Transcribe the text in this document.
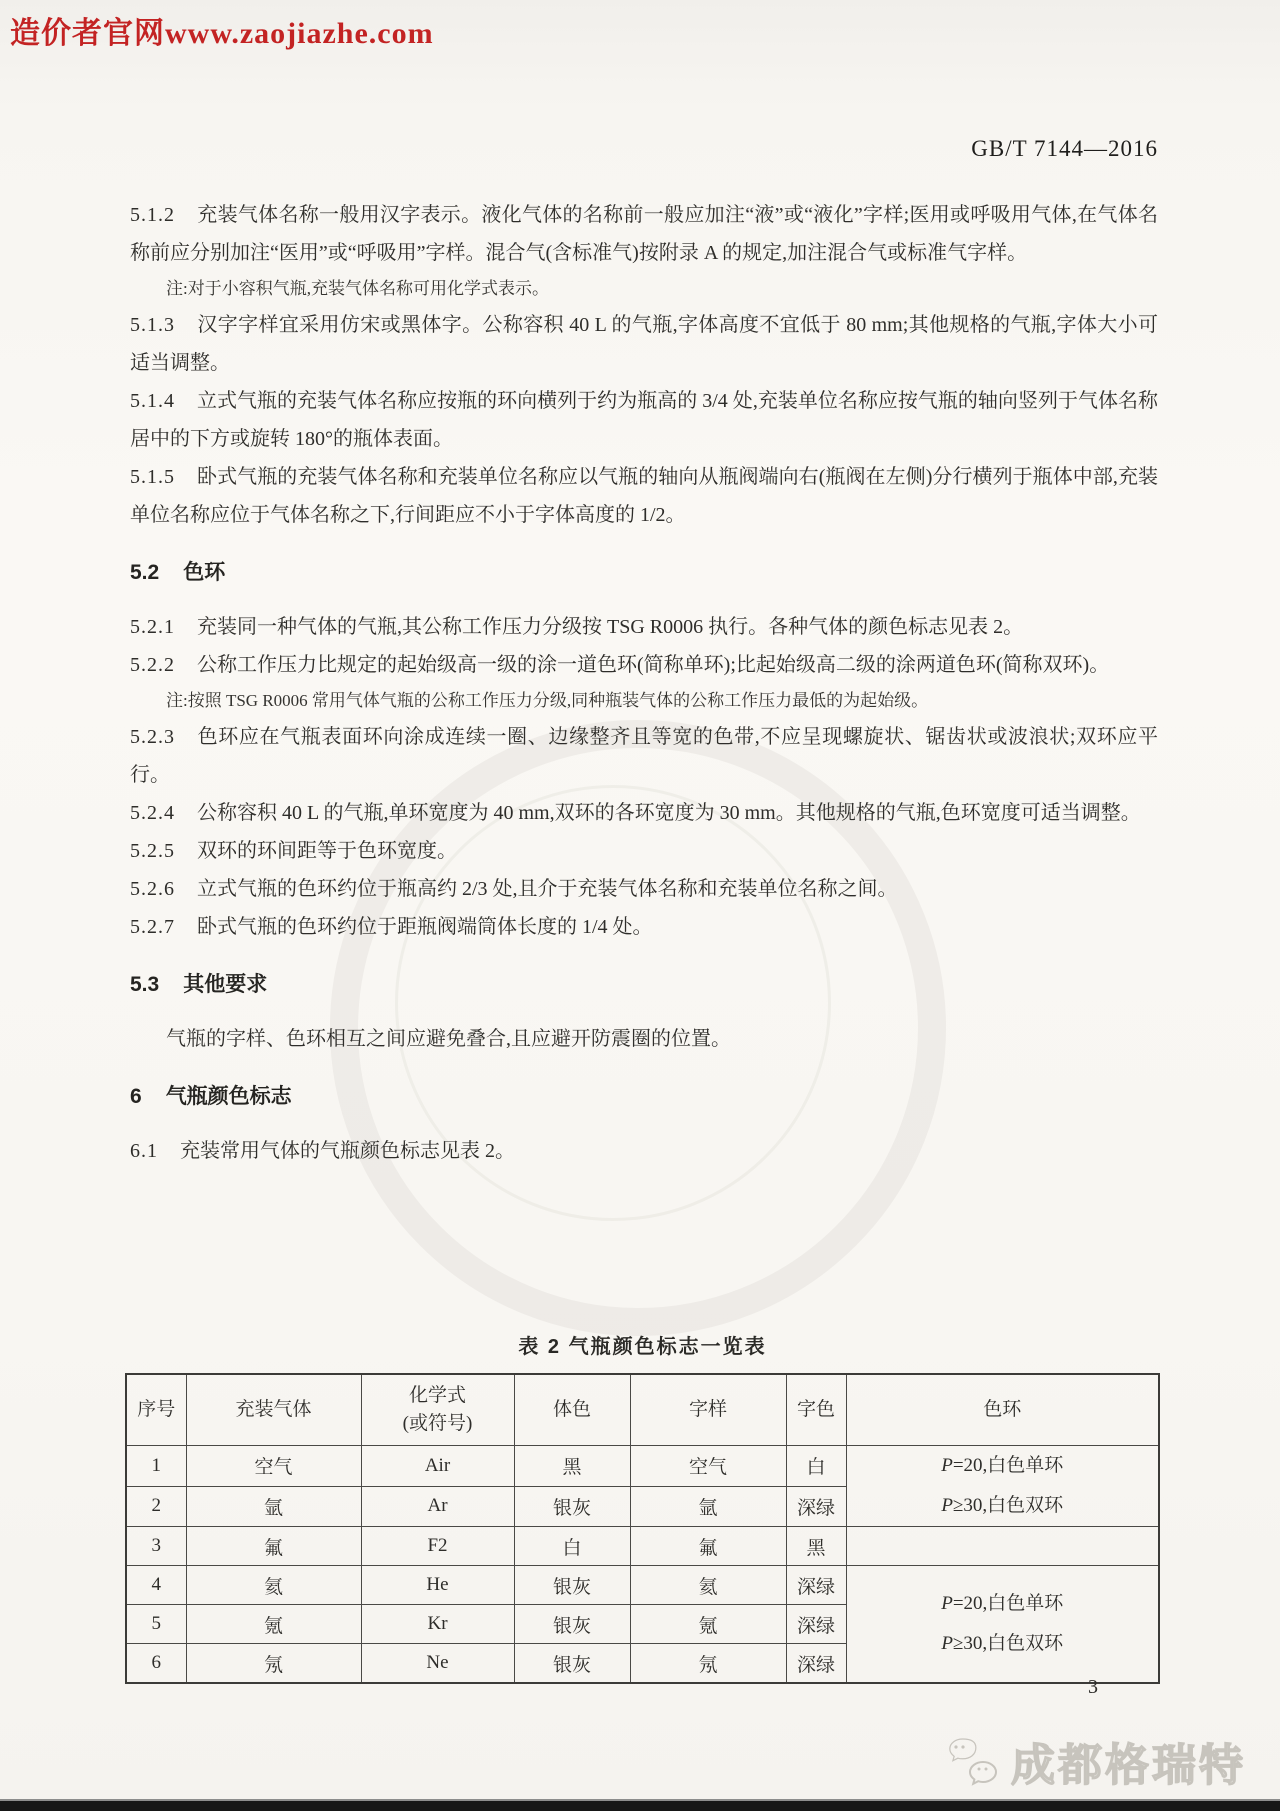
造价者官网www.zaojiazhe.com
GB/T 7144—2016

5.1.2 充装气体名称一般用汉字表示。液化气体的名称前一般应加注“液”或“液化”字样;医用或呼吸用气体,在气体名称前应分别加注“医用”或“呼吸用”字样。混合气(含标准气)按附录 A 的规定,加注混合气或标准气字样。

注:对于小容积气瓶,充装气体名称可用化学式表示。

5.1.3 汉字字样宜采用仿宋或黑体字。公称容积 40 L 的气瓶,字体高度不宜低于 80 mm;其他规格的气瓶,字体大小可适当调整。

5.1.4 立式气瓶的充装气体名称应按瓶的环向横列于约为瓶高的 3/4 处,充装单位名称应按气瓶的轴向竖列于气体名称居中的下方或旋转 180°的瓶体表面。

5.1.5 卧式气瓶的充装气体名称和充装单位名称应以气瓶的轴向从瓶阀端向右(瓶阀在左侧)分行横列于瓶体中部,充装单位名称应位于气体名称之下,行间距应不小于字体高度的 1/2。

5.2 色环

5.2.1 充装同一种气体的气瓶,其公称工作压力分级按 TSG R0006 执行。各种气体的颜色标志见表 2。

5.2.2 公称工作压力比规定的起始级高一级的涂一道色环(简称单环);比起始级高二级的涂两道色环(简称双环)。

注:按照 TSG R0006 常用气体气瓶的公称工作压力分级,同种瓶装气体的公称工作压力最低的为起始级。

5.2.3 色环应在气瓶表面环向涂成连续一圈、边缘整齐且等宽的色带,不应呈现螺旋状、锯齿状或波浪状;双环应平行。

5.2.4 公称容积 40 L 的气瓶,单环宽度为 40 mm,双环的各环宽度为 30 mm。其他规格的气瓶,色环宽度可适当调整。

5.2.5 双环的环间距等于色环宽度。

5.2.6 立式气瓶的色环约位于瓶高约 2/3 处,且介于充装气体名称和充装单位名称之间。

5.2.7 卧式气瓶的色环约位于距瓶阀端筒体长度的 1/4 处。

5.3 其他要求

气瓶的字样、色环相互之间应避免叠合,且应避开防震圈的位置。

6 气瓶颜色标志

6.1 充装常用气体的气瓶颜色标志见表 2。

表 2 气瓶颜色标志一览表

序号	充装气体	化学式
(或符号)	体色	字样	字色	色环
1	空气	Air	黑	空气	白	P=20,白色单环
P≥30,白色双环

2	氩	Ar	银灰	氩	深绿	
3	氟	F2	白	氟	黑	
4	氦	He	银灰	氦	深绿	P=20,白色单环
P≥30,白色双环

5	氪	Kr	银灰	氪	深绿	
6	氖	Ne	银灰	氖	深绿	
3
成都格瑞特
